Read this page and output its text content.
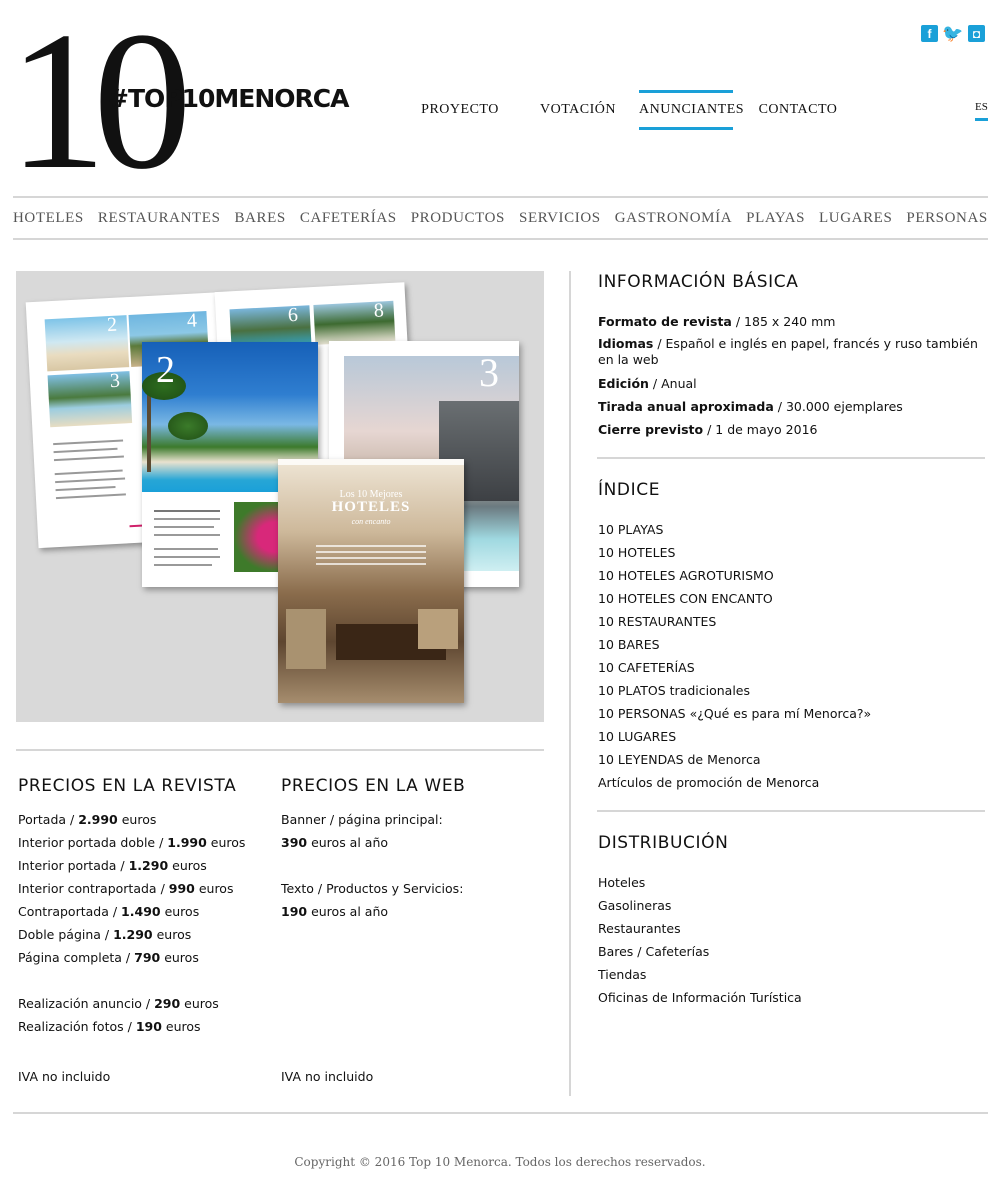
10
#TOP10MENORCA
f 🐦 ◘
PROYECTO	VOTACIÓN	ANUNCIANTES CONTACTO	ES
HOTELES RESTAURANTES BARES CAFETERÍAS PRODUCTOS SERVICIOS GASTRONOMÍA PLAYAS LUGARES PERSONAS
2	4
3
6	8
2	3
Los 10 Mejores
HOTELES
con encanto
PRECIOS EN LA REVISTA
Portada / 2.990 euros
Interior portada doble / 1.990 euros
Interior portada / 1.290 euros
Interior contraportada / 990 euros
Contraportada / 1.490 euros
Doble página / 1.290 euros
Página completa / 790 euros
Realización anuncio / 290 euros
Realización fotos / 190 euros
IVA no incluido
PRECIOS EN LA WEB
Banner / página principal:
390 euros al año
Texto / Productos y Servicios:
190 euros al año
IVA no incluido
INFORMACIÓN BÁSICA
Formato de revista / 185 x 240 mm
Idiomas / Español e inglés en papel, francés y ruso también en la web
Edición / Anual
Tirada anual aproximada / 30.000 ejemplares
Cierre previsto / 1 de mayo 2016
ÍNDICE
10 PLAYAS
10 HOTELES
10 HOTELES AGROTURISMO
10 HOTELES CON ENCANTO
10 RESTAURANTES
10 BARES
10 CAFETERÍAS
10 PLATOS tradicionales
10 PERSONAS «¿Qué es para mí Menorca?»
10 LUGARES
10 LEYENDAS de Menorca
Artículos de promoción de Menorca
DISTRIBUCIÓN
Hoteles
Gasolineras
Restaurantes
Bares / Cafeterías
Tiendas
Oficinas de Información Turística
Copyright © 2016 Top 10 Menorca. Todos los derechos reservados.
